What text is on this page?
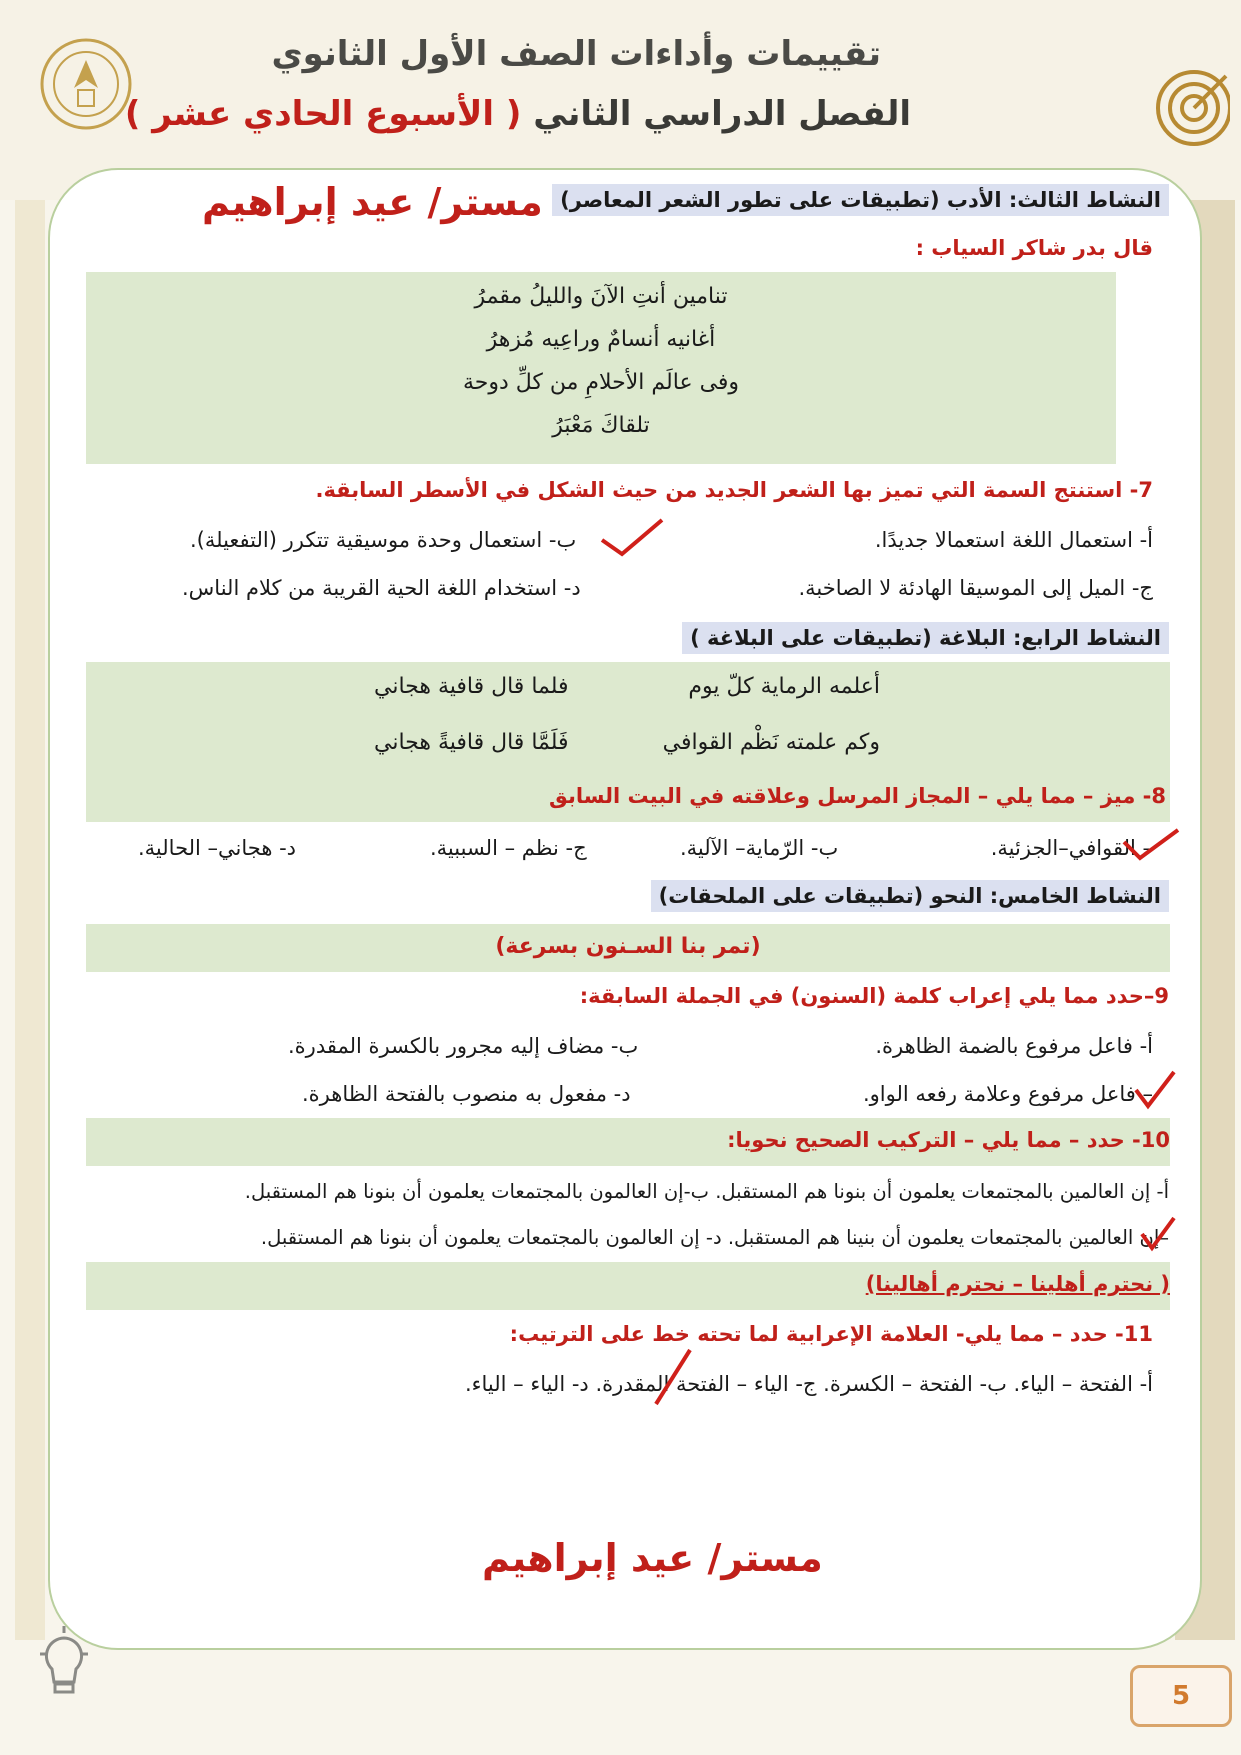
تقييمات وأداءات الصف الأول الثانوي
الفصل الدراسي الثاني ( الأسبوع الحادي عشر )
مستر/ عيد إبراهيم النشاط الثالث: الأدب (تطبيقات على تطور الشعر المعاصر)
قال بدر شاكر السياب :
تنامين أنتِ الآنَ والليلُ مقمرُ
أغانيه أنسامٌ وراعِيه مُزهرُ
وفى عالَم الأحلامِ من كلِّ دوحة
تلقاكَ مَعْبَرُ
7- استنتج السمة التي تميز بها الشعر الجديد من حيث الشكل في الأسطر السابقة.
أ- استعمال اللغة استعمالا جديدًا.
ب- استعمال وحدة موسيقية تتكرر (التفعيلة).
ج- الميل إلى الموسيقا الهادئة لا الصاخبة.
د- استخدام اللغة الحية القريبة من كلام الناس.
النشاط الرابع: البلاغة (تطبيقات على البلاغة )
أعلمه الرماية كلّ يوم
فلما قال قافية هجاني
وكم علمته نَظْم القوافي
فَلَمَّا قال قافيةً هجاني
8- ميز – مما يلي – المجاز المرسل وعلاقته في البيت السابق
– القوافي–الجزئية.
ب- الرّماية– الآلية.
ج- نظم – السببية.
د- هجاني– الحالية.
النشاط الخامس: النحو (تطبيقات على الملحقات)
(تمر بنا السـنون بسرعة)
9–حدد مما يلي إعراب كلمة (السنون) في الجملة السابقة:
أ- فاعل مرفوع بالضمة الظاهرة.
ب- مضاف إليه مجرور بالكسرة المقدرة.
– فاعل مرفوع وعلامة رفعه الواو.
د- مفعول به منصوب بالفتحة الظاهرة.
10- حدد – مما يلي – التركيب الصحيح نحويا:
أ- إن العالمين بالمجتمعات يعلمون أن بنونا هم المستقبل. ب-إن العالمون بالمجتمعات يعلمون أن بنونا هم المستقبل.
–إن العالمين بالمجتمعات يعلمون أن بنينا هم المستقبل. د- إن العالمون بالمجتمعات يعلمون أن بنونا هم المستقبل.
( نحترم أهلينا – نحترم أهالينا)
11- حدد – مما يلي- العلامة الإعرابية لما تحته خط على الترتيب:
أ- الفتحة – الياء. ب- الفتحة – الكسرة. ج- الياء – الفتحة المقدرة. د- الياء – الياء.
مستر/ عيد إبراهيم
5
